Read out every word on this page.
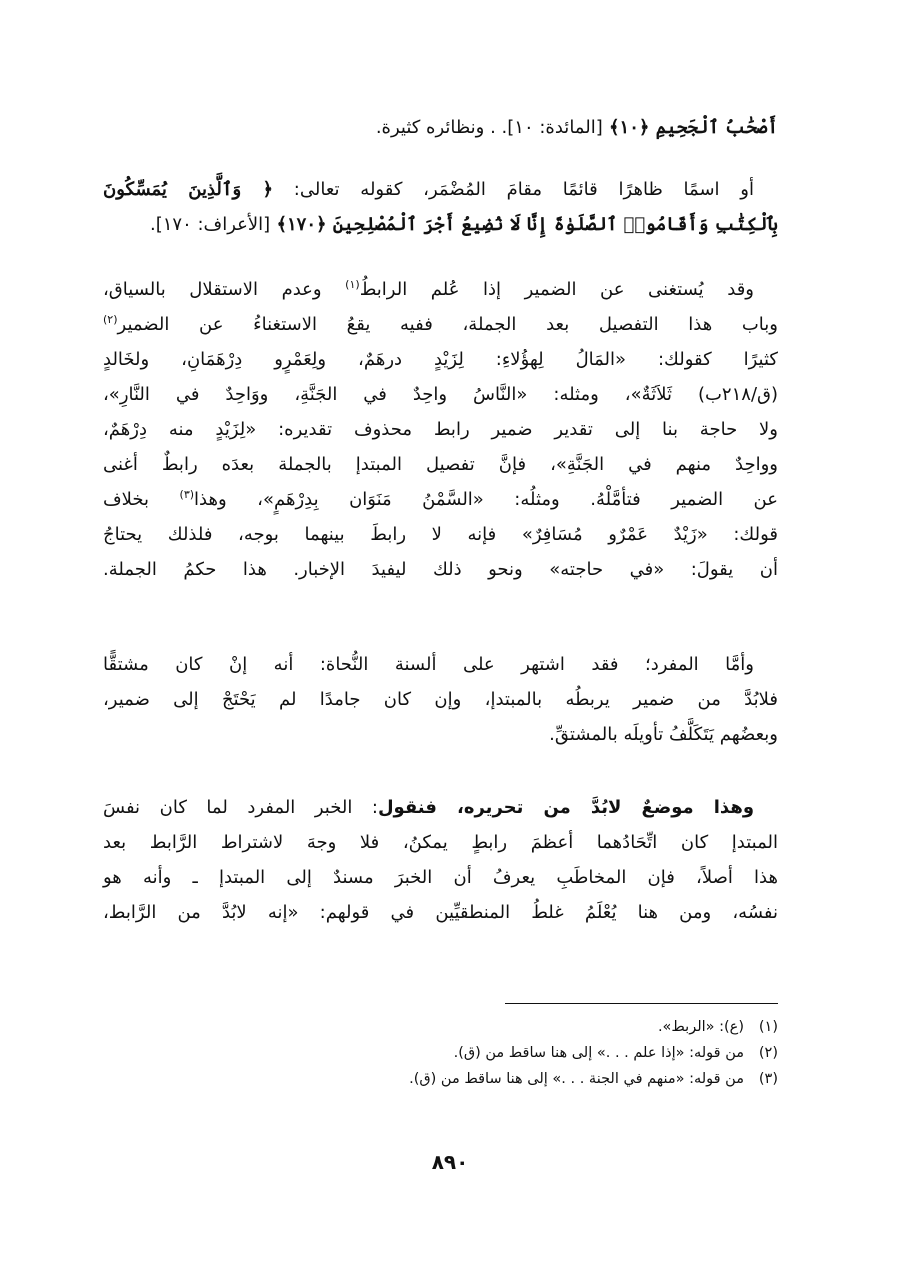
أَصْحَٰبُ ٱلْجَحِيمِ ﴿١٠﴾ [المائدة: ١٠]. . ونظائره كثيرة.
أو اسمًا ظاهرًا قائمًا مقامَ المُضْمَر، كقوله تعالى: ﴿ وَٱلَّذِينَ يُمَسِّكُونَ
بِٱلْكِتَٰبِ وَأَقَامُوا۟ ٱلصَّلَوٰةَ إِنَّا لَا نُضِيعُ أَجْرَ ٱلْمُصْلِحِينَ ﴿١٧٠﴾ [الأعراف: ١٧٠].
وقد يُستغنى عن الضمير إذا عُلم الرابطُ$^{(١)}$ وعدم الاستقلال بالسياق،
وباب هذا التفصيل بعد الجملة، ففيه يقعُ الاستغناءُ عن الضمير$^{(٢)}$
كثيرًا كقولك: «المَالُ لِهؤُلاءِ: لِزَيْدٍ درهَمٌ، ولِعَمْرٍو دِرْهَمَانِ، ولخَالدٍ
(ق/٢١٨ب) ثَلاَثَةٌ»، ومثله: «النَّاسُ واحِدٌ في الجَنَّةِ، ووَاحِدٌ في النَّارِ»،
ولا حاجة بنا إلى تقدير ضمير رابط محذوف تقديره: «لِزَيْدٍ منه دِرْهَمٌ،
وواحِدٌ منهم في الجَنَّةِ»، فإنَّ تفصيل المبتدإ بالجملة بعدَه رابطٌ أغنى
عن الضمير فتأمَّلْهُ. ومثلُه: «السَّمْنُ مَنَوَان بِدِرْهَمٍ»، وهذا$^{(٣)}$ بخلاف
قولك: «زَيْدٌ عَمْرٌو مُسَافِرٌ» فإنه لا رابطَ بينهما بوجه، فلذلك يحتاجُ
أن يقولَ: «في حاجته» ونحو ذلك ليفيدَ الإخبار. هذا حكمُ الجملة.
وأمَّا المفرد؛ فقد اشتهر على ألسنة النُّحاة: أنه إنْ كان مشتقًّا
فلابُدَّ من ضمير يربطُه بالمبتدإ، وإن كان جامدًا لم يَحْتَجْ إلى ضمير،
وبعضُهم يَتَكَلَّفُ تأويلَه بالمشتقِّ.
وهذا موضعٌ لابُدَّ من تحريره، فنقول: الخبر المفرد لما كان نفسَ
المبتدإ كان اتِّحَادُهما أعظمَ رابطٍ يمكنُ، فلا وجهَ لاشتراط الرَّابط بعد
هذا أصلاً، فإن المخاطَبِ يعرفُ أن الخبرَ مسندٌ إلى المبتدإ ـ وأنه هو
نفسُه، ومن هنا يُعْلَمُ غلطُ المنطقيِّين في قولهم: «إنه لابُدَّ من الرَّابط،
(١)(ع): «الربط».
(٢)من قوله: «إذا علم . . .» إلى هنا ساقط من (ق).
(٣)من قوله: «منهم في الجنة . . .» إلى هنا ساقط من (ق).
٨٩٠
